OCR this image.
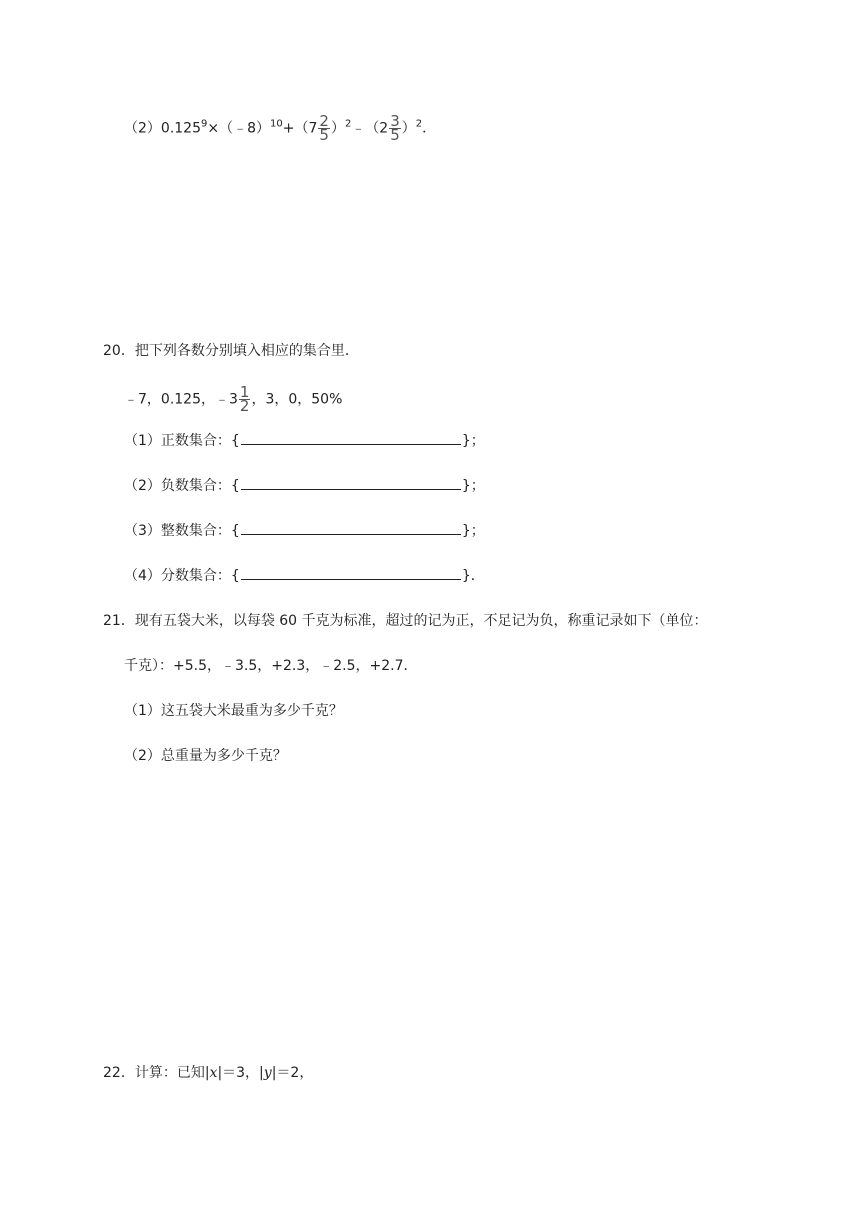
$(2)0.125^9\times(﹣8)^{10}+(7 \frac{2}{5}$ ）$^2$﹣（2 $\frac{3}{5} )^2$．
20．把下列各数分别填入相应的集合里．
﹣7，0.125，﹣3 $\frac{1}{2}$ ，3，0，50%
（1）正数集合：{	}；
（2）负数集合：{	}；
（3）整数集合：{	}；
（4）分数集合：{	}．
21．现有五袋大米，以每袋 60 千克为标准，超过的记为正，不足记为负，称重记录如下（单位：
千克）：+5.5，﹣3.5，+2.3，﹣2.5，+2.7．
（1）这五袋大米最重为多少千克？
（2）总重量为多少千克？
22．计算：已知|x|＝3，|y|＝2，
